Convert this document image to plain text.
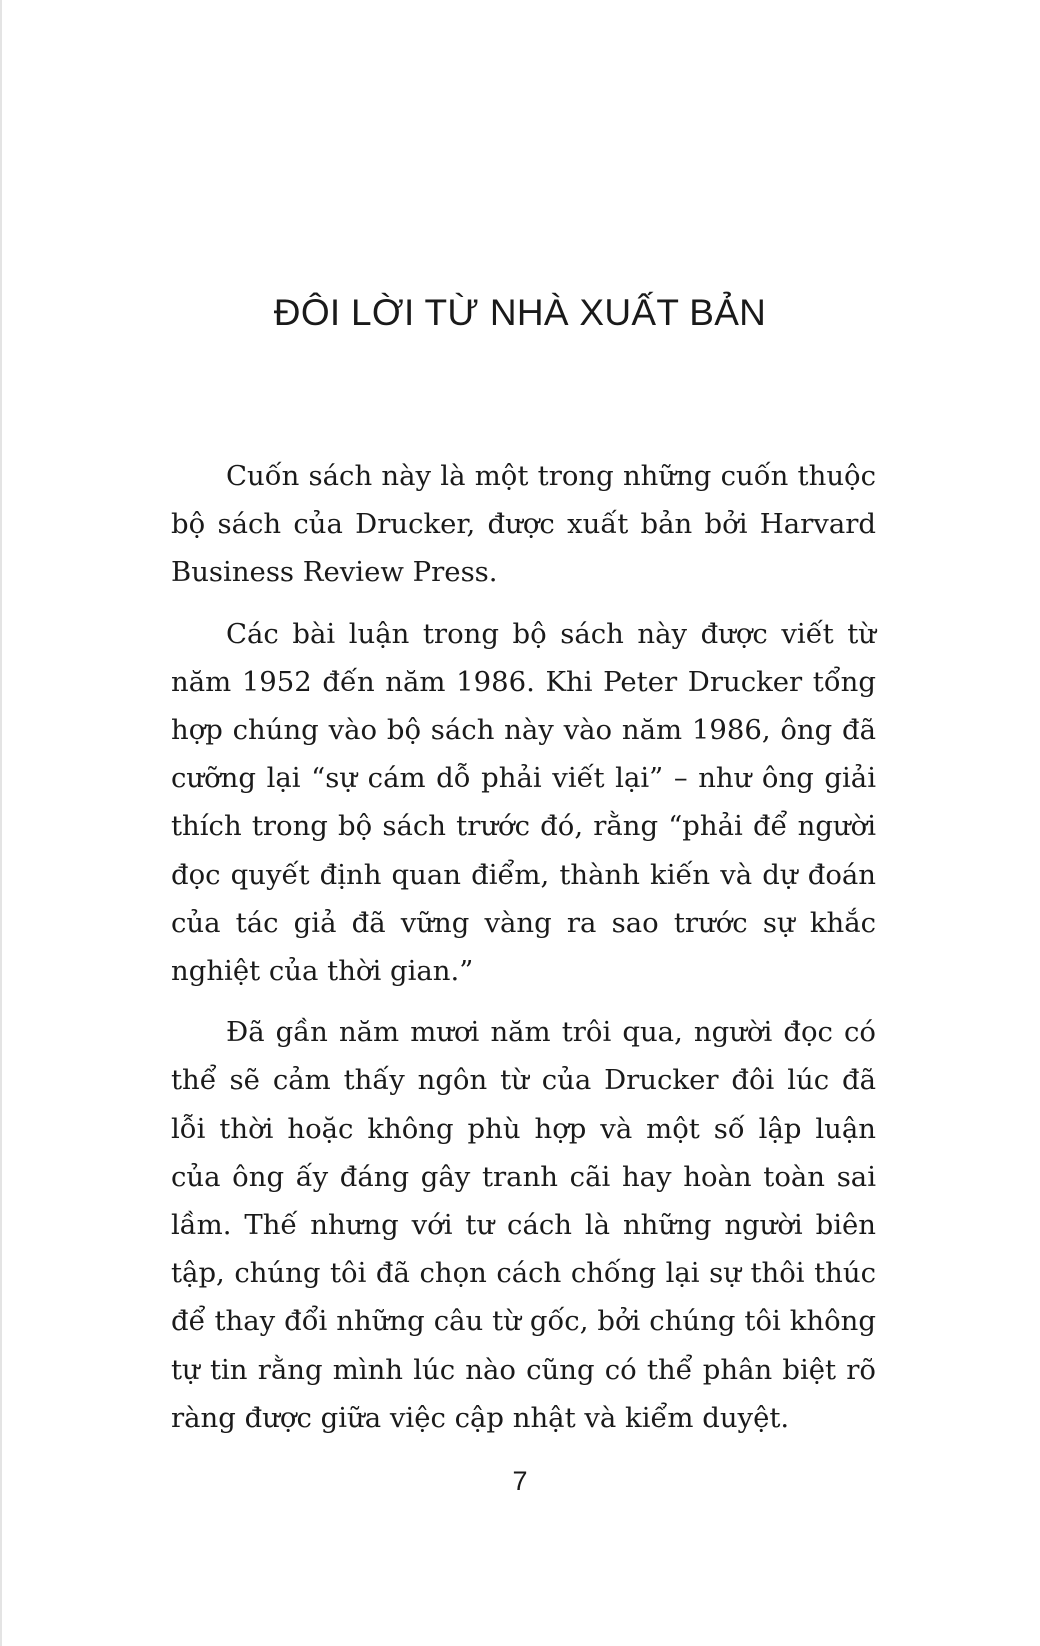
ĐÔI LỜI TỪ NHÀ XUẤT BẢN

Cuốn sách này là một trong những cuốn thuộc bộ sách của Drucker, được xuất bản bởi Harvard Business Review Press.

Các bài luận trong bộ sách này được viết từ năm 1952 đến năm 1986. Khi Peter Drucker tổng hợp chúng vào bộ sách này vào năm 1986, ông đã cưỡng lại “sự cám dỗ phải viết lại” – như ông giải thích trong bộ sách trước đó, rằng “phải để người đọc quyết định quan điểm, thành kiến và dự đoán của tác giả đã vững vàng ra sao trước sự khắc nghiệt của thời gian.”

Đã gần năm mươi năm trôi qua, người đọc có thể sẽ cảm thấy ngôn từ của Drucker đôi lúc đã lỗi thời hoặc không phù hợp và một số lập luận của ông ấy đáng gây tranh cãi hay hoàn toàn sai lầm. Thế nhưng với tư cách là những người biên tập, chúng tôi đã chọn cách chống lại sự thôi thúc để thay đổi những câu từ gốc, bởi chúng tôi không tự tin rằng mình lúc nào cũng có thể phân biệt rõ ràng được giữa việc cập nhật và kiểm duyệt.

7
